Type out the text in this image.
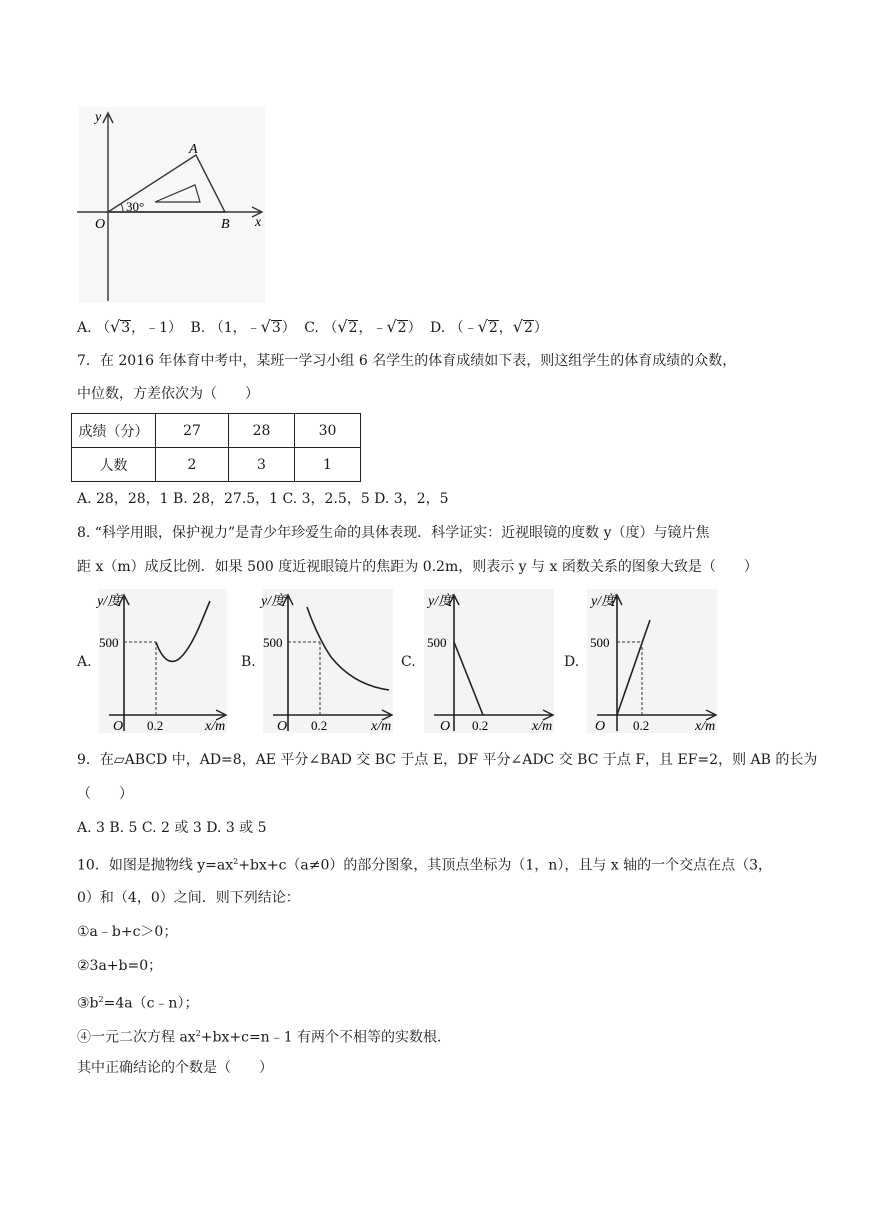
y
A
30°
O	B x
A. （√3，﹣1） B. （1，﹣√3） C. （√2，﹣√2） D. （﹣√2，√2）
7．在 2016 年体育中考中，某班一学习小组 6 名学生的体育成绩如下表，则这组学生的体育成绩的众数，
中位数，方差依次为（　　）
成绩（分）	27	28	30
人数	2	3	1
A. 28，28，1 B. 28，27.5，1 C. 3，2.5，5 D. 3，2，5
8. “科学用眼，保护视力”是青少年珍爱生命的具体表现．科学证实：近视眼镜的度数 y（度）与镜片焦
距 x（m）成反比例．如果 500 度近视眼镜片的焦距为 0.2m，则表示 y 与 x 函数关系的图象大致是（　　）
A.	B.	C.	D.
y/度
500
O 0.2	x/m
y/度
500
O 0.2	x/m
y/度
500
O 0.2	x/m
y/度
500
O 0.2	x/m
9．在▱ABCD 中，AD=8，AE 平分∠BAD 交 BC 于点 E，DF 平分∠ADC 交 BC 于点 F，且 EF=2，则 AB 的长为
（　　）
A. 3 B. 5 C. 2 或 3 D. 3 或 5
10．如图是抛物线 $y=ax^2+bx+c(a\ne 0)$的部分图象，其顶点坐标为（1，n），且与 x 轴的一个交点在点（3，
0）和（4，0）之间．则下列结论：
①a﹣b+c＞0；
②3a+b=0；
$③b^2=4a(c﹣n)$；
④一元二次方程 $ax^2+bx+c=n﹣1$ 有两个不相等的实数根．
其中正确结论的个数是（　　）
